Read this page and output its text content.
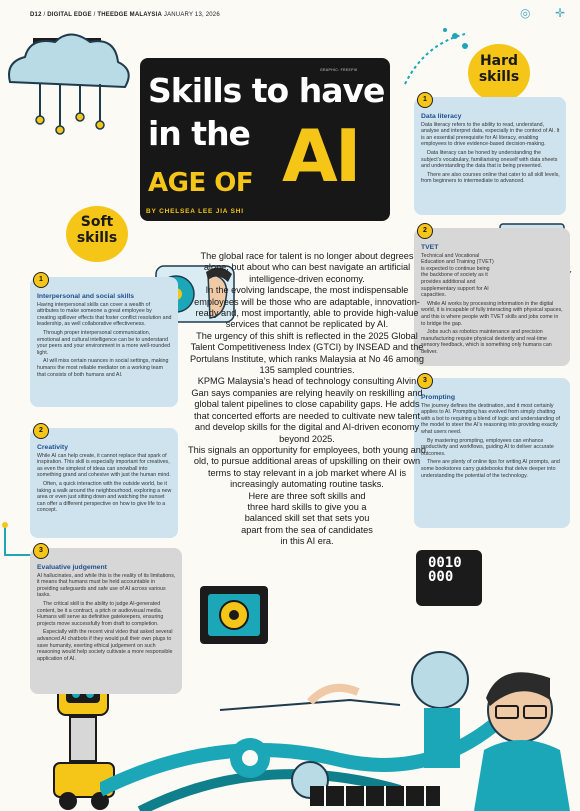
D12 / DIGITAL EDGE / THEEDGE MALAYSIA JANUARY 13, 2026	◎ ✛
GRAPHIC: FREEPIK
Skills to have
in the
AGE OF AI
BY CHELSEA LEE JIA SHI
Hard
skills
Soft
skills
0010
000
1
Interpersonal and social skills

Having interpersonal skills can cover a wealth of attributes to make someone a great employee by creating spillover effects that foster conflict resolution and leadership, as well collaborative effectiveness.

Through proper interpersonal communication, emotional and cultural intelligence can be to understand your peers and your environment in a more well-rounded light.

AI will miss certain nuances in social settings, making humans the most reliable mediator on a working team that consists of both humans and AI.

2
Creativity

While AI can help create, it cannot replace that spark of inspiration. This skill is especially important for creatives, as even the simplest of ideas can snowball into something grand and cohesive with just the human mind.

Often, a quick interaction with the outside world, be it taking a walk around the neighbourhood, exploring a new area or even just sitting down and watching the sunset can offer a different perspective on how to give life to a concept.

3
Evaluative judgement

AI hallucinates, and while this is the reality of its limitations, it means that humans must be held accountable in providing safeguards and safe use of AI across various tasks.

The critical skill is the ability to judge AI-generated content, be it a contract, a pitch or audiovisual media. Humans will serve as definitive gatekeepers, ensuring projects move successfully from draft to completion.

Especially with the recent viral video that asked several advanced AI chatbots if they would pull their own plugs to save humanity, exerting ethical judgement on such reasoning would help society cultivate a more responsible application of AI.

1
Data literacy

Data literacy refers to the ability to read, understand, analyse and interpret data, especially in the context of AI. It is an essential prerequisite for AI literacy, enabling employees to drive evidence-based decision-making.

Data literacy can be honed by understanding the subject’s vocabulary, familiarising oneself with data sheets and understanding the data that is being presented.

There are also courses online that cater to all skill levels, from beginners to intermediate to advanced.

2
TVET

Technical and Vocational Education and Training (TVET) is expected to continue being the backbone of society as it provides additional and supplementary support for AI capacities.

While AI works by processing information in the digital world, it is incapable of fully interacting with physical spaces, and this is where people with TVET skills and jobs come in to bridge the gap.

Jobs such as robotics maintenance and precision manufacturing require physical dexterity and real-time sensory feedback, which is something only humans can deliver.

3
Prompting

The journey defines the destination, and it most certainly applies to AI. Prompting has evolved from simply chatting with a bot to requiring a blend of logic and understanding of the model to steer the AI’s reasoning into providing exactly what users need.

By mastering prompting, employees can enhance productivity and workflows, guiding AI to deliver accurate outcomes.

There are plenty of online tips for writing AI prompts, and some bookstores carry guidebooks that delve deeper into understanding the potential of the technology.

The global race for talent is no longer about degrees alone, but about who can best navigate an artificial intelligence-driven economy.

In the evolving landscape, the most indispensable employees will be those who are adaptable, innovation-ready and, most importantly, able to provide high-value services that cannot be replicated by AI.

The urgency of this shift is reflected in the 2025 Global Talent Competitiveness Index (GTCI) by INSEAD and the Portulans Institute, which ranks Malaysia at No 46 among 135 sampled countries.

KPMG Malaysia’s head of technology consulting Alvin Gan says companies are relying heavily on reskilling and global talent pipelines to close capability gaps. He adds that concerted efforts are needed to cultivate new talent and develop skills for the digital and AI-driven economy beyond 2025.

This signals an opportunity for employees, both young and old, to pursue additional areas of upskilling on their own terms to stay relevant in a job market where AI is increasingly automating routine tasks.

Here are three soft skills and three hard skills to give you a balanced skill set that sets you apart from the sea of candidates in this AI era.
